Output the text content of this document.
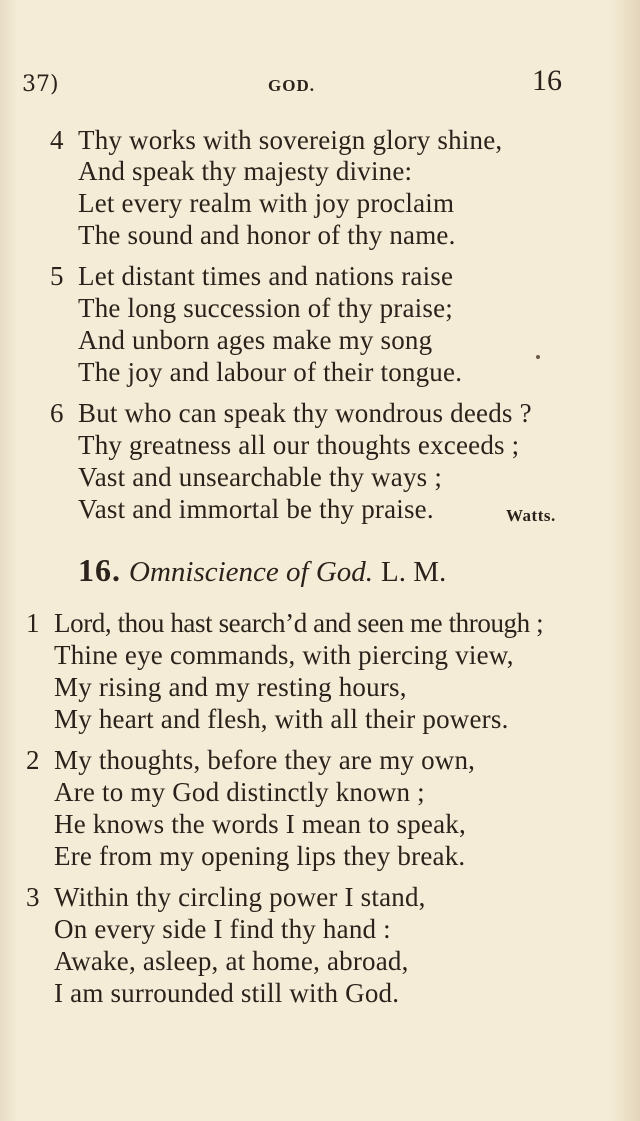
37)	GOD.	16
4 Thy works with sovereign glory shine,
And speak thy majesty divine:
Let every realm with joy proclaim
The sound and honor of thy name.
5 Let distant times and nations raise
The long succession of thy praise;
And unborn ages make my song
The joy and labour of their tongue.
6 But who can speak thy wondrous deeds ?
Thy greatness all our thoughts exceeds ;
Vast and unsearchable thy ways ;
Vast and immortal be thy praise.	Watts.
16. Omniscience of God. L. M.
1 Lord, thou hast search’d and seen me through ;
Thine eye commands, with piercing view,
My rising and my resting hours,
My heart and flesh, with all their powers.
2 My thoughts, before they are my own,
Are to my God distinctly known ;
He knows the words I mean to speak,
Ere from my opening lips they break.
3 Within thy circling power I stand,
On every side I find thy hand :
Awake, asleep, at home, abroad,
I am surrounded still with God.
